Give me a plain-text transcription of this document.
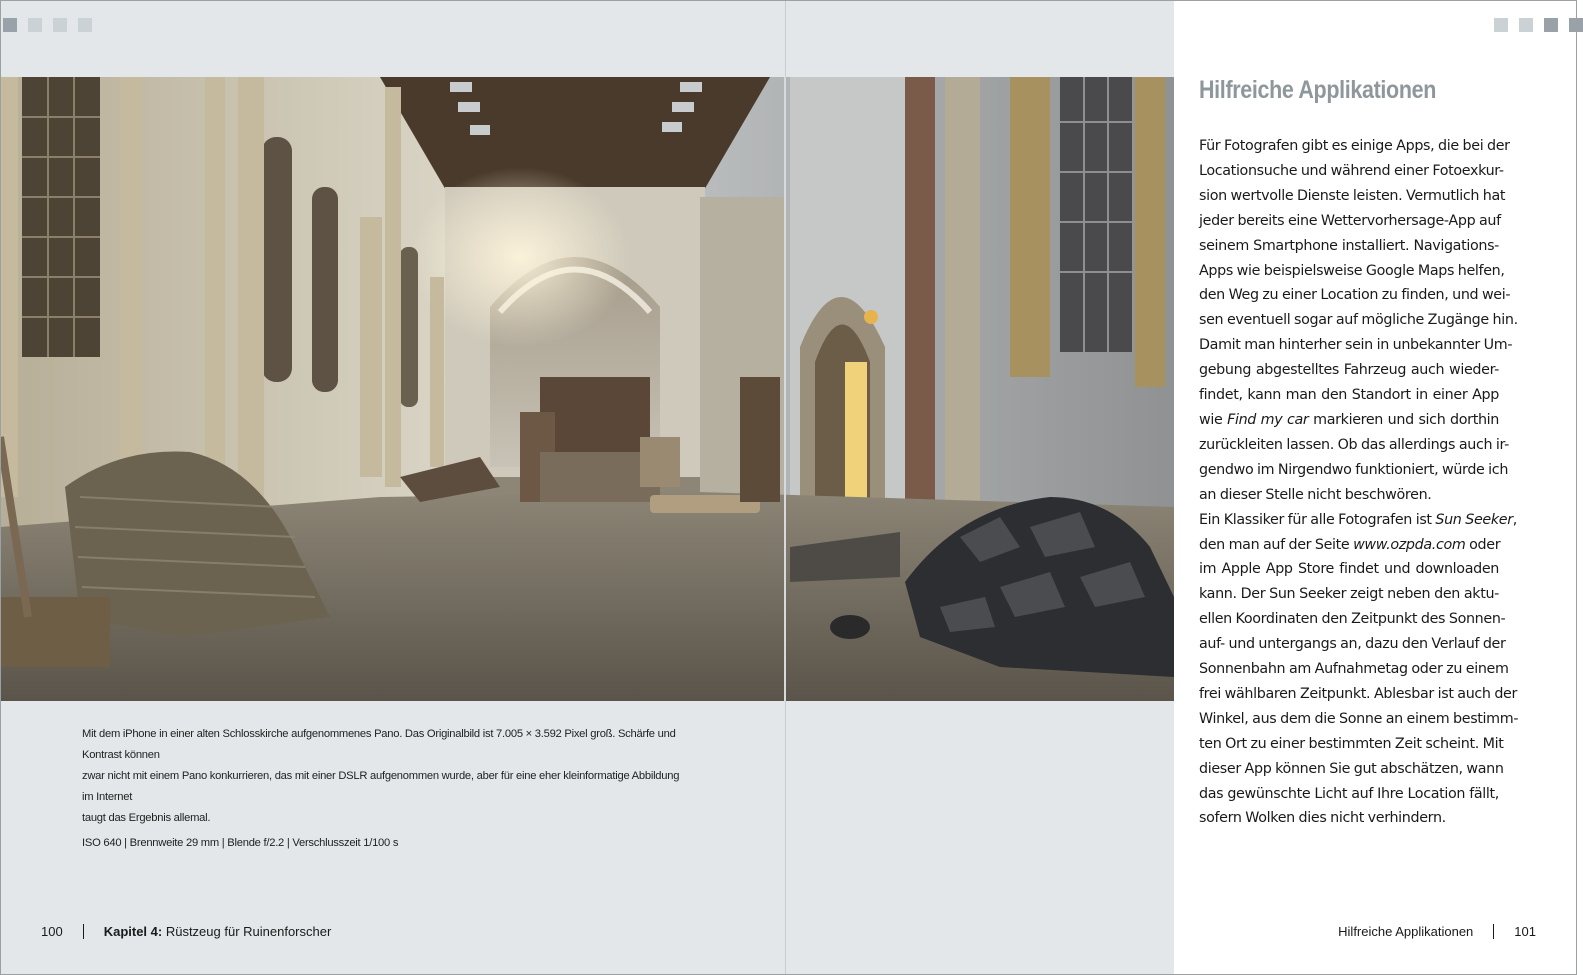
Mit dem iPhone in einer alten Schlosskirche aufgenommenes Pano. Das Originalbild ist 7.005 × 3.592 Pixel groß. Schärfe und Kontrast können
zwar nicht mit einem Pano konkurrieren, das mit einer DSLR aufgenommen wurde, aber für eine eher kleinformatige Abbildung im Internet
taugt das Ergebnis allemal.
ISO 640 | Brennweite 29 mm | Blende f/2.2 | Verschlusszeit 1/100 s
Hilfreiche Applikationen
Für Fotografen gibt es einige Apps, die bei der
Locationsuche und während einer Fotoexkur-
sion wertvolle Dienste leisten. Vermutlich hat
jeder bereits eine Wettervorhersage-App auf
seinem Smartphone installiert. Navigations-
Apps wie beispielsweise Google Maps helfen,
den Weg zu einer Location zu finden, und wei-
sen eventuell sogar auf mögliche Zugänge hin.
Damit man hinterher sein in unbekannter Um-
gebung abgestelltes Fahrzeug auch wieder-
findet, kann man den Standort in einer App
wie Find my car markieren und sich dorthin
zurückleiten lassen. Ob das allerdings auch ir-
gendwo im Nirgendwo funktioniert, würde ich
an dieser Stelle nicht beschwören.
Ein Klassiker für alle Fotografen ist Sun Seeker,
den man auf der Seite www.ozpda.com oder
im Apple App Store findet und downloaden
kann. Der Sun Seeker zeigt neben den aktu-
ellen Koordinaten den Zeitpunkt des Sonnen-
auf- und untergangs an, dazu den Verlauf der
Sonnenbahn am Aufnahmetag oder zu einem
frei wählbaren Zeitpunkt. Ablesbar ist auch der
Winkel, aus dem die Sonne an einem bestimm-
ten Ort zu einer bestimmten Zeit scheint. Mit
dieser App können Sie gut abschätzen, wann
das gewünschte Licht auf Ihre Location fällt,
sofern Wolken dies nicht verhindern.
100	Kapitel 4: Rüstzeug für Ruinenforscher	Hilfreiche Applikationen	101
